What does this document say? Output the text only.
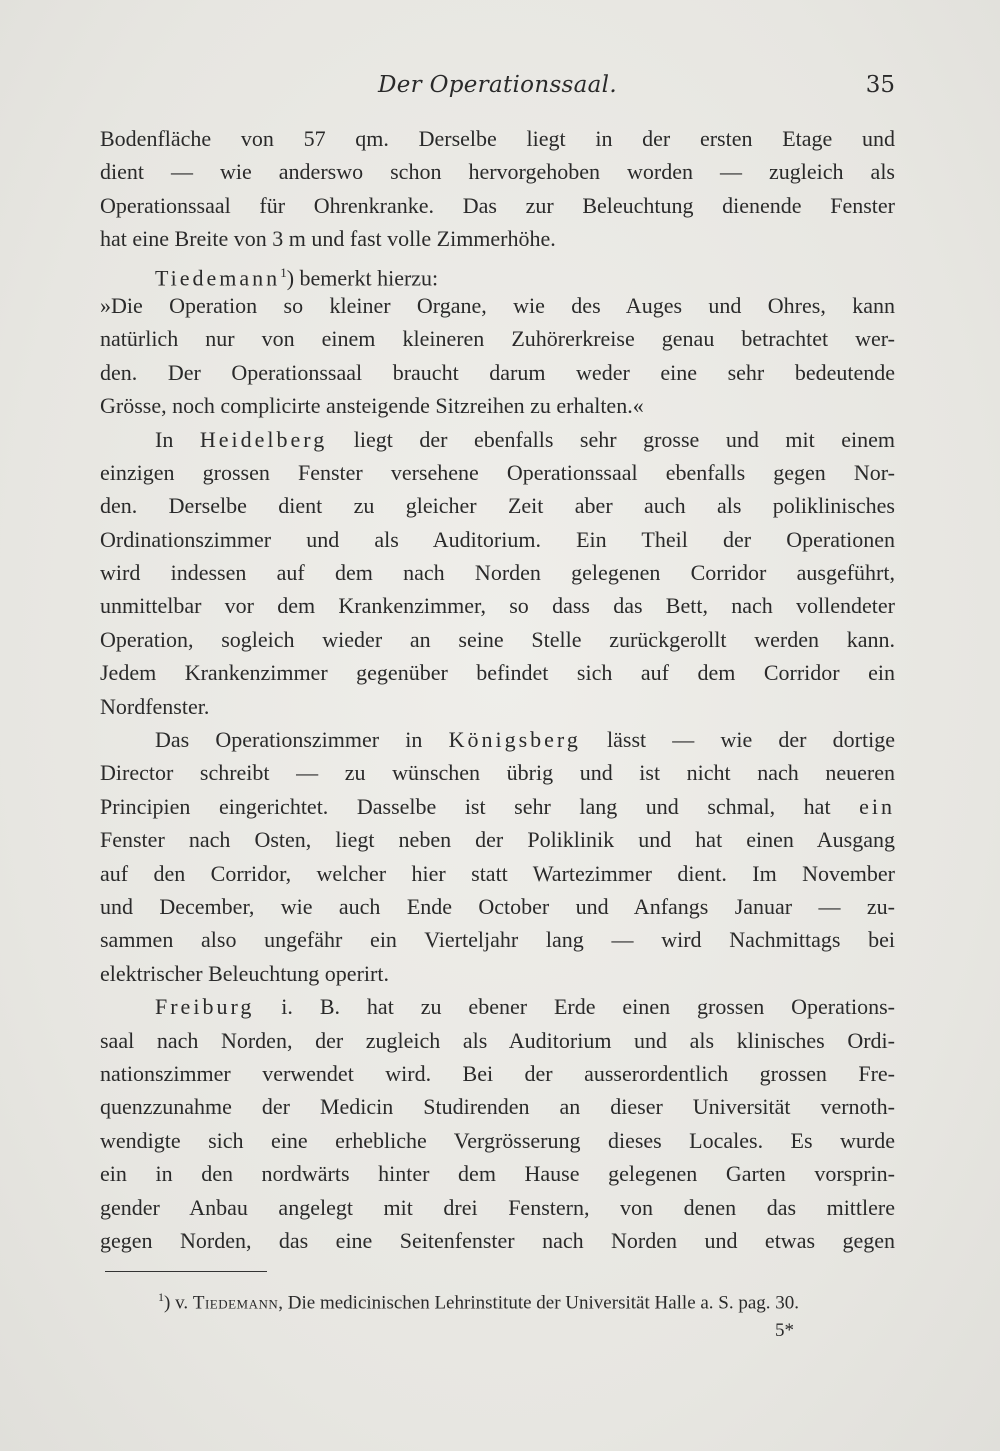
Der Operationssaal.	35
Bodenfläche von 57 qm. Derselbe liegt in der ersten Etage und
dient — wie anderswo schon hervorgehoben worden — zugleich als
Operationssaal für Ohrenkranke. Das zur Beleuchtung dienende Fenster
hat eine Breite von 3 m und fast volle Zimmerhöhe.
Tiedemann$^1$) bemerkt hierzu:
»Die Operation so kleiner Organe, wie des Auges und Ohres, kann
natürlich nur von einem kleineren Zuhörerkreise genau betrachtet wer-
den. Der Operationssaal braucht darum weder eine sehr bedeutende
Grösse, noch complicirte ansteigende Sitzreihen zu erhalten.«
In Heidelberg liegt der ebenfalls sehr grosse und mit einem
einzigen grossen Fenster versehene Operationssaal ebenfalls gegen Nor-
den. Derselbe dient zu gleicher Zeit aber auch als poliklinisches
Ordinationszimmer und als Auditorium. Ein Theil der Operationen
wird indessen auf dem nach Norden gelegenen Corridor ausgeführt,
unmittelbar vor dem Krankenzimmer, so dass das Bett, nach vollendeter
Operation, sogleich wieder an seine Stelle zurückgerollt werden kann.
Jedem Krankenzimmer gegenüber befindet sich auf dem Corridor ein
Nordfenster.
Das Operationszimmer in Königsberg lässt — wie der dortige
Director schreibt — zu wünschen übrig und ist nicht nach neueren
Principien eingerichtet. Dasselbe ist sehr lang und schmal, hat ein
Fenster nach Osten, liegt neben der Poliklinik und hat einen Ausgang
auf den Corridor, welcher hier statt Wartezimmer dient. Im November
und December, wie auch Ende October und Anfangs Januar — zu-
sammen also ungefähr ein Vierteljahr lang — wird Nachmittags bei
elektrischer Beleuchtung operirt.
Freiburg i. B. hat zu ebener Erde einen grossen Operations-
saal nach Norden, der zugleich als Auditorium und als klinisches Ordi-
nationszimmer verwendet wird. Bei der ausserordentlich grossen Fre-
quenzzunahme der Medicin Studirenden an dieser Universität vernoth-
wendigte sich eine erhebliche Vergrösserung dieses Locales. Es wurde
ein in den nordwärts hinter dem Hause gelegenen Garten vorsprin-
gender Anbau angelegt mit drei Fenstern, von denen das mittlere
gegen Norden, das eine Seitenfenster nach Norden und etwas gegen
$^1$) v. Tiedemann, Die medicinischen Lehrinstitute der Universität Halle a. S. pag. 30.
5*
